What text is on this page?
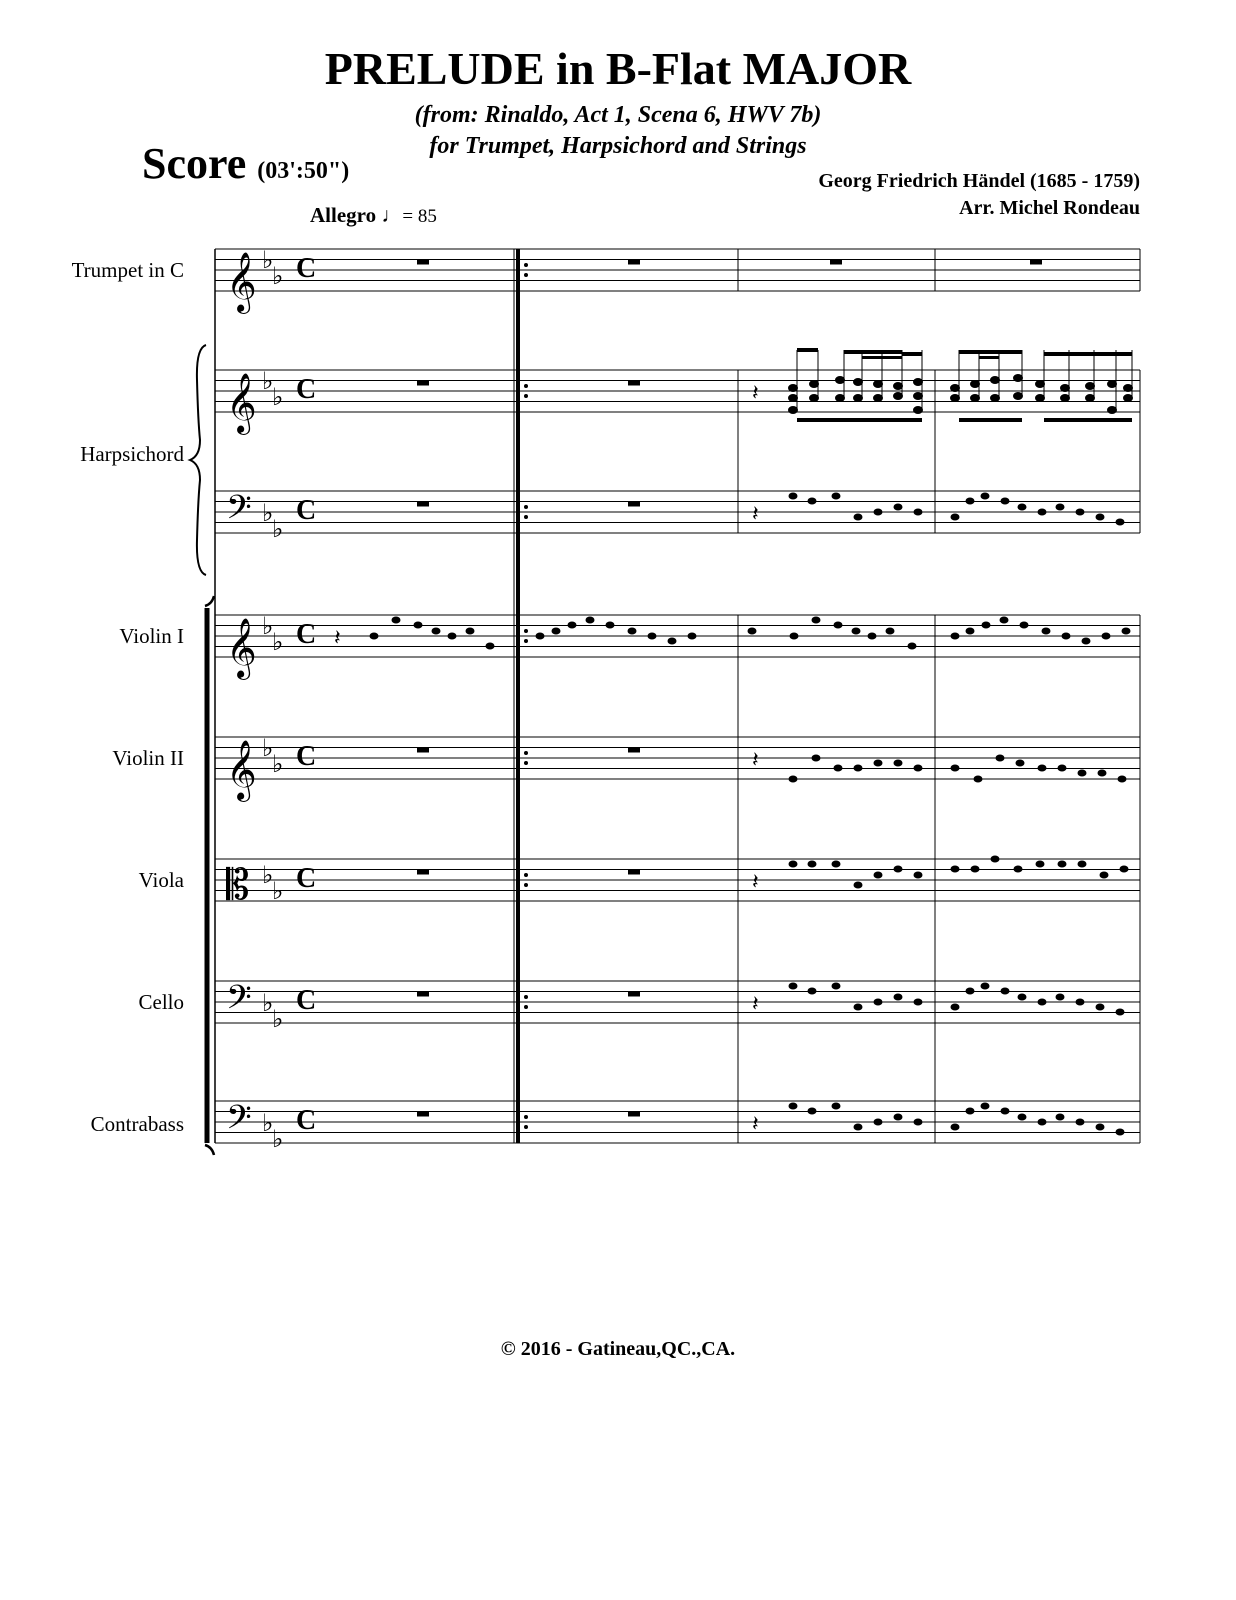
PRELUDE in B-Flat MAJOR
(from: Rinaldo, Act 1, Scena 6, HWV 7b)
for Trumpet, Harpsichord and Strings
Score (03':50")	Georg Friedrich Händel (1685 - 1759)
Arr. Michel Rondeau
Allegro ♩= 85
Trumpet in C
Harpsichord
Violin I
Violin II
Viola
Cello
Contrabass
𝄞 ♭
♭ C
𝄞 ♭
♭ C	𝄽
𝄢 ♭
♭
C	𝄽
𝄞 ♭
♭ C 𝄽
𝄞 ♭
♭ C	𝄽
𝄡 ♭
♭ C	𝄽
𝄢 ♭
♭
C	𝄽
𝄢 ♭
♭
C	𝄽
© 2016 - Gatineau,QC.,CA.
